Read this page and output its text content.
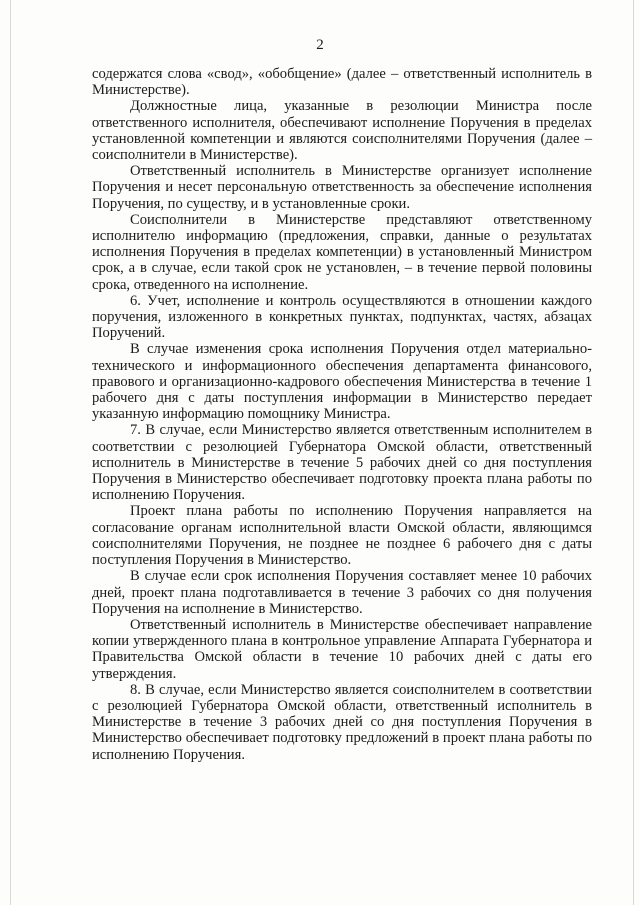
2

содержатся слова «свод», «обобщение» (далее – ответственный исполнитель в Министерстве).

Должностные лица, указанные в резолюции Министра после ответственного исполнителя, обеспечивают исполнение Поручения в пределах установленной компетенции и являются соисполнителями Поручения (далее – соисполнители в Министерстве).

Ответственный исполнитель в Министерстве организует исполнение Поручения и несет персональную ответственность за обеспечение исполнения Поручения, по существу, и в установленные сроки.

Соисполнители в Министерстве представляют ответственному исполнителю информацию (предложения, справки, данные о результатах исполнения Поручения в пределах компетенции) в установленный Министром срок, а в случае, если такой срок не установлен, – в течение первой половины срока, отведенного на исполнение.

6. Учет, исполнение и контроль осуществляются в отношении каждого поручения, изложенного в конкретных пунктах, подпунктах, частях, абзацах Поручений.

В случае изменения срока исполнения Поручения отдел материально-технического и информационного обеспечения департамента финансового, правового и организационно-кадрового обеспечения Министерства в течение 1 рабочего дня с даты поступления информации в Министерство передает указанную информацию помощнику Министра.

7. В случае, если Министерство является ответственным исполнителем в соответствии с резолюцией Губернатора Омской области, ответственный исполнитель в Министерстве в течение 5 рабочих дней со дня поступления Поручения в Министерство обеспечивает подготовку проекта плана работы по исполнению Поручения.

Проект плана работы по исполнению Поручения направляется на согласование органам исполнительной власти Омской области, являющимся соисполнителями Поручения, не позднее не позднее 6 рабочего дня с даты поступления Поручения в Министерство.

В случае если срок исполнения Поручения составляет менее 10 рабочих дней, проект плана подготавливается в течение 3 рабочих со дня получения Поручения на исполнение в Министерство.

Ответственный исполнитель в Министерстве обеспечивает направление копии утвержденного плана в контрольное управление Аппарата Губернатора и Правительства Омской области в течение 10 рабочих дней с даты его утверждения.

8. В случае, если Министерство является соисполнителем в соответствии с резолюцией Губернатора Омской области, ответственный исполнитель в Министерстве в течение 3 рабочих дней со дня поступления Поручения в Министерство обеспечивает подготовку предложений в проект плана работы по исполнению Поручения.
